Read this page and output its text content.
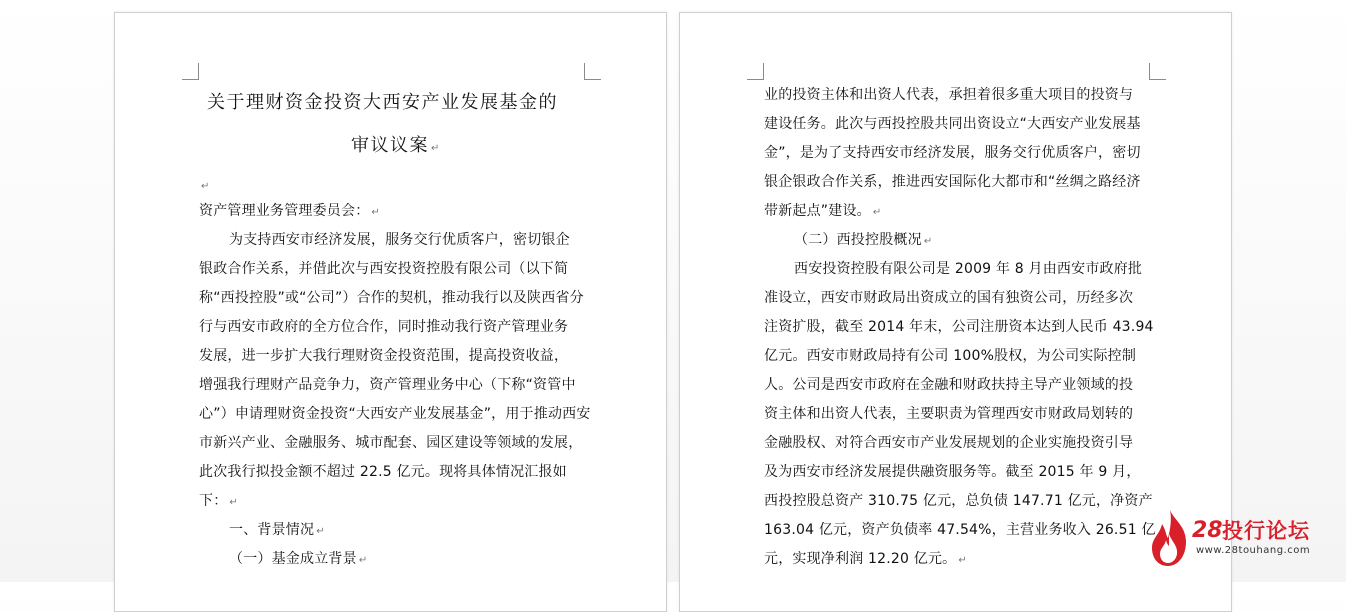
关于理财资金投资大西安产业发展基金的
审议议案 ↵
↵
资产管理业务管理委员会： ↵
为支持西安市经济发展，服务交行优质客户，密切银企
银政合作关系，并借此次与西安投资控股有限公司（以下简
称“西投控股”或“公司”）合作的契机，推动我行以及陕西省分
行与西安市政府的全方位合作，同时推动我行资产管理业务
发展，进一步扩大我行理财资金投资范围，提高投资收益，
增强我行理财产品竞争力，资产管理业务中心（下称“资管中
心”）申请理财资金投资“大西安产业发展基金”，用于推动西安
市新兴产业、金融服务、城市配套、园区建设等领域的发展，
此次我行拟投金额不超过 22.5 亿元。现将具体情况汇报如
下： ↵
一、背景情况 ↵
（一）基金成立背景 ↵
业的投资主体和出资人代表，承担着很多重大项目的投资与
建设任务。此次与西投控股共同出资设立“大西安产业发展基
金”，是为了支持西安市经济发展，服务交行优质客户，密切
银企银政合作关系，推进西安国际化大都市和“丝绸之路经济
带新起点”建设。 ↵
（二）西投控股概况 ↵
西安投资控股有限公司是 2009 年 8 月由西安市政府批
准设立，西安市财政局出资成立的国有独资公司，历经多次
注资扩股，截至 2014 年末，公司注册资本达到人民币 43.94
亿元。西安市财政局持有公司 100%股权，为公司实际控制
人。公司是西安市政府在金融和财政扶持主导产业领域的投
资主体和出资人代表，主要职责为管理西安市财政局划转的
金融股权、对符合西安市产业发展规划的企业实施投资引导
及为西安市经济发展提供融资服务等。截至 2015 年 9 月，
西投控股总资产 310.75 亿元，总负债 147.71 亿元，净资产
163.04 亿元，资产负债率 47.54%，主营业务收入 26.51 亿
元，实现净利润 12.20 亿元。 ↵
28 投行论坛
www.28touhang.com
